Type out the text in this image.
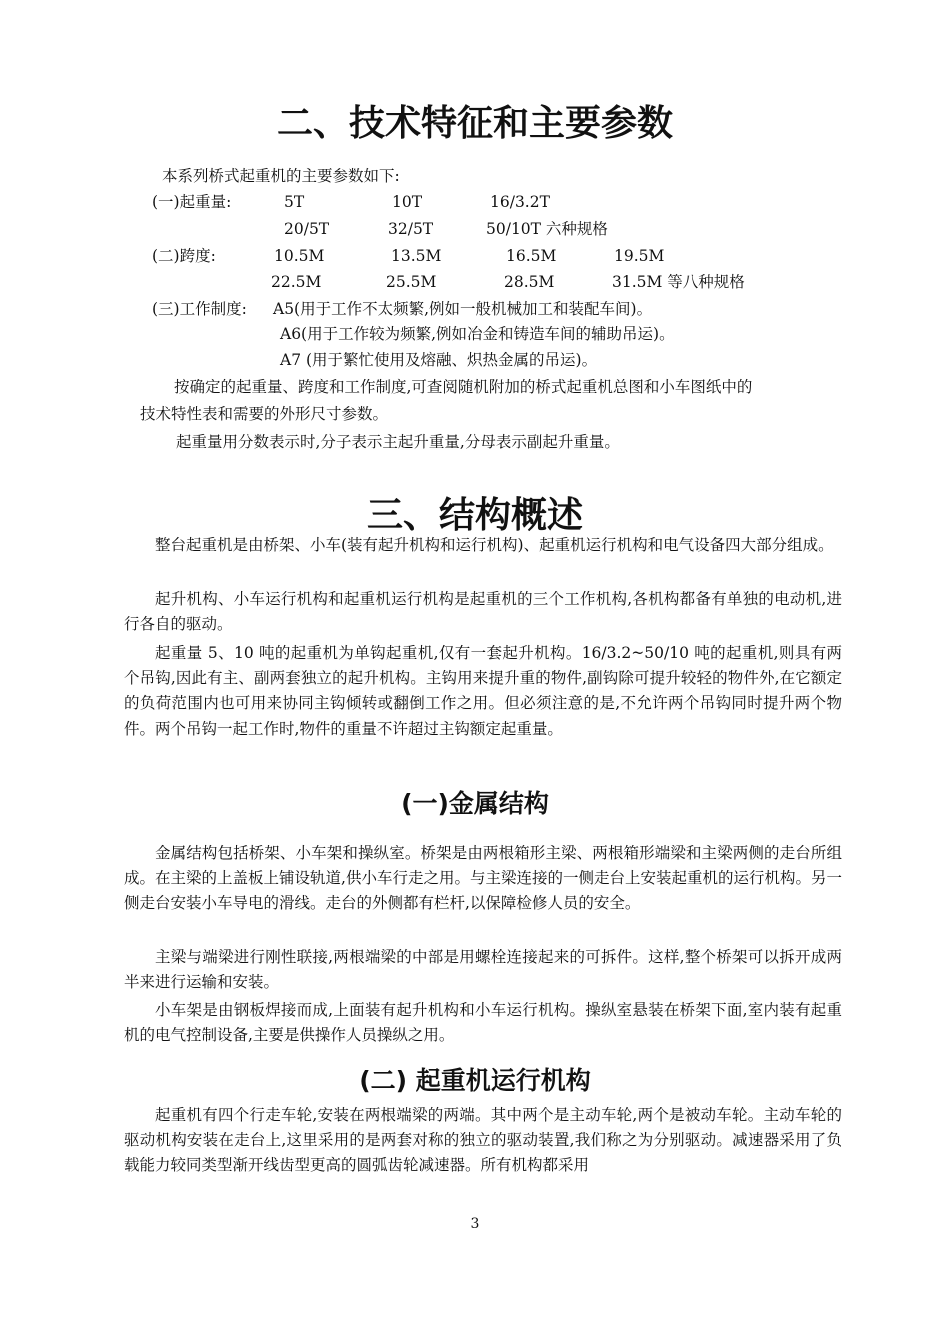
二、技术特征和主要参数
本系列桥式起重机的主要参数如下:
(一)起重量:	5T	10T	16/3.2T
20/5T	32/5T	50/10T 六种规格
(二)跨度:	10.5M	13.5M	16.5M	19.5M
22.5M	25.5M	28.5M	31.5M 等八种规格
(三)工作制度: A5(用于工作不太频繁,例如一般机械加工和装配车间)。
A6(用于工作较为频繁,例如冶金和铸造车间的辅助吊运)。
A7 (用于繁忙使用及熔融、炽热金属的吊运)。
按确定的起重量、跨度和工作制度,可查阅随机附加的桥式起重机总图和小车图纸中的
技术特性表和需要的外形尺寸参数。
起重量用分数表示时,分子表示主起升重量,分母表示副起升重量。
三、结构概述

整台起重机是由桥架、小车(装有起升机构和运行机构)、起重机运行机构和电气设备四大部分组成。

起升机构、小车运行机构和起重机运行机构是起重机的三个工作机构,各机构都备有单独的电动机,进行各自的驱动。

起重量 5、10 吨的起重机为单钩起重机,仅有一套起升机构。16/3.2~50/10 吨的起重机,则具有两个吊钩,因此有主、副两套独立的起升机构。主钩用来提升重的物件,副钩除可提升较轻的物件外,在它额定的负荷范围内也可用来协同主钩倾转或翻倒工作之用。但必须注意的是,不允许两个吊钩同时提升两个物件。两个吊钩一起工作时,物件的重量不许超过主钩额定起重量。

(一)金属结构

金属结构包括桥架、小车架和操纵室。桥架是由两根箱形主梁、两根箱形端梁和主梁两侧的走台所组成。在主梁的上盖板上铺设轨道,供小车行走之用。与主梁连接的一侧走台上安装起重机的运行机构。另一侧走台安装小车导电的滑线。走台的外侧都有栏杆,以保障检修人员的安全。

主梁与端梁进行刚性联接,两根端梁的中部是用螺栓连接起来的可拆件。这样,整个桥架可以拆开成两半来进行运输和安装。

小车架是由钢板焊接而成,上面装有起升机构和小车运行机构。操纵室悬装在桥架下面,室内装有起重机的电气控制设备,主要是供操作人员操纵之用。

(二) 起重机运行机构

起重机有四个行走车轮,安装在两根端梁的两端。其中两个是主动车轮,两个是被动车轮。主动车轮的驱动机构安装在走台上,这里采用的是两套对称的独立的驱动装置,我们称之为分别驱动。减速器采用了负载能力较同类型渐开线齿型更高的圆弧齿轮减速器。所有机构都采用

3
